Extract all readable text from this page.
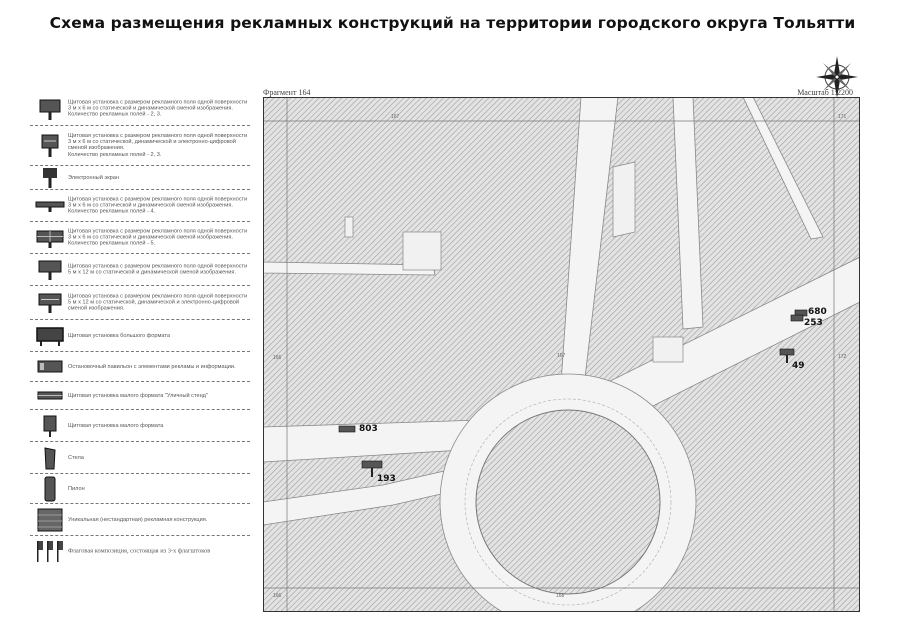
Схема размещения рекламных конструкций на территории городского округа Тольятти
Фрагмент 164	Масштаб 1:2200
Щитовая установка с размером рекламного поля одной поверхности 3 м х 6 м со статической и динамической сменой изображения.
Количество рекламных полей - 2, 3.
Щитовая установка с размером рекламного поля одной поверхности 3 м х 6 м со статической, динамической и электронно-цифровой сменой изображения.
Количество рекламных полей - 2, 3.
Электронный экран
Щитовая установка с размером рекламного поля одной поверхности 3 м х 6 м со статической и динамической сменой изображения.
Количество рекламных полей - 4.
Щитовая установка с размером рекламного поля одной поверхности 3 м х 6 м со статической и динамической сменой изображения.
Количество рекламных полей - 5.
Щитовая установка с размером рекламного поля одной поверхности 5 м х 12 м со статической и динамической сменой изображения.
Щитовая установка с размером рекламного поля одной поверхности 5 м х 12 м со статической, динамической и электронно-цифровой сменой изображения.
Щитовая установка большого формата
Остановочный павильон с элементами рекламы и информации.
Щитовая установка малого формата "Уличный стенд"
Щитовая установка малого формата
Стела
Пилон
Уникальная (нестандартная) рекламная конструкция.
Флаговая композиция, состоящая из 3-х флагштоков
167	171
166	167	172
166	168
680
253
49
803
193
